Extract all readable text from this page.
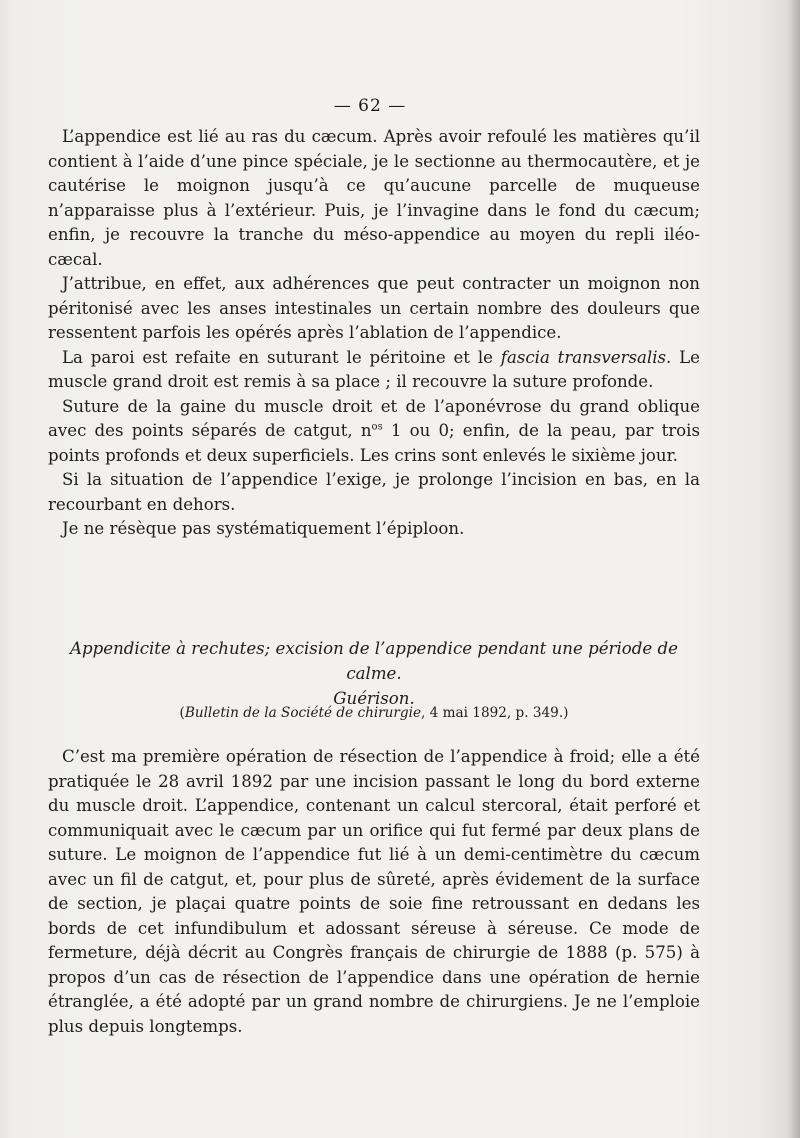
— 62 —

L’appendice est lié au ras du cæcum. Après avoir refoulé les matières qu’il contient à l’aide d’une pince spéciale, je le sectionne au thermocautère, et je cautérise le moignon jusqu’à ce qu’aucune parcelle de muqueuse n’apparaisse plus à l’extérieur. Puis, je l’invagine dans le fond du cæcum; enfin, je recouvre la tranche du méso-appendice au moyen du repli iléo-cæcal.

J’attribue, en effet, aux adhérences que peut contracter un moignon non péritonisé avec les anses intestinales un certain nombre des douleurs que ressentent parfois les opérés après l’ablation de l’appendice.

La paroi est refaite en suturant le péritoine et le fascia transversalis. Le muscle grand droit est remis à sa place ; il recouvre la suture profonde.

Suture de la gaine du muscle droit et de l’aponévrose du grand oblique avec des points séparés de catgut, $n^{os}$ 1 ou 0; enfin, de la peau, par trois points profonds et deux superficiels. Les crins sont enlevés le sixième jour.

Si la situation de l’appendice l’exige, je prolonge l’incision en bas, en la recourbant en dehors.

Je ne résèque pas systématiquement l’épiploon.

Appendicite à rechutes; excision de l’appendice pendant une période de calme.
Guérison.
(Bulletin de la Société de chirurgie, 4 mai 1892, p. 349.)

C’est ma première opération de résection de l’appendice à froid; elle a été pratiquée le 28 avril 1892 par une incision passant le long du bord externe du muscle droit. L’appendice, contenant un calcul stercoral, était perforé et communiquait avec le cæcum par un orifice qui fut fermé par deux plans de suture. Le moignon de l’appendice fut lié à un demi-centimètre du cæcum avec un fil de catgut, et, pour plus de sûreté, après évidement de la surface de section, je plaçai quatre points de soie fine retroussant en dedans les bords de cet infundibulum et adossant séreuse à séreuse. Ce mode de fermeture, déjà décrit au Congrès français de chirurgie de 1888 (p. 575) à propos d’un cas de résection de l’appendice dans une opération de hernie étranglée, a été adopté par un grand nombre de chirurgiens. Je ne l’emploie plus depuis longtemps.
